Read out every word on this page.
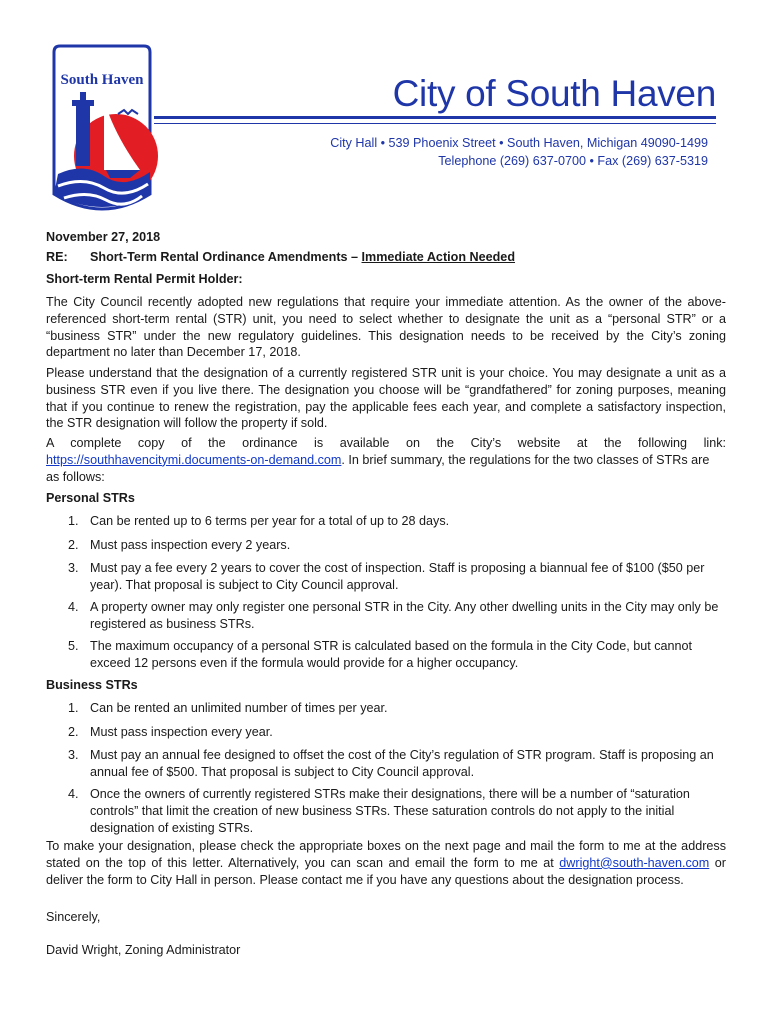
South Haven	City of South Haven
City Hall • 539 Phoenix Street • South Haven, Michigan 49090-1499
Telephone (269) 637-0700 • Fax (269) 637-5319
November 27, 2018
RE: Short-Term Rental Ordinance Amendments – Immediate Action Needed
Short-term Rental Permit Holder:
The City Council recently adopted new regulations that require your immediate attention. As the owner of the above-referenced short-term rental (STR) unit, you need to select whether to designate the unit as a “personal STR” or a “business STR” under the new regulatory guidelines. This designation needs to be received by the City’s zoning department no later than December 17, 2018.
Please understand that the designation of a currently registered STR unit is your choice. You may designate a unit as a business STR even if you live there. The designation you choose will be “grandfathered” for zoning purposes, meaning that if you continue to renew the registration, pay the applicable fees each year, and complete a satisfactory inspection, the STR designation will follow the property if sold.
A complete copy of the ordinance is available on the City’s website at the following link:
https://southhavencitymi.documents-on-demand.com. In brief summary, the regulations for the two classes of STRs are as follows:
Personal STRs
1. Can be rented up to 6 terms per year for a total of up to 28 days.
2. Must pass inspection every 2 years.
3. Must pay a fee every 2 years to cover the cost of inspection. Staff is proposing a biannual fee of $100 ($50 per year). That proposal is subject to City Council approval.
4. A property owner may only register one personal STR in the City. Any other dwelling units in the City may only be registered as business STRs.
5. The maximum occupancy of a personal STR is calculated based on the formula in the City Code, but cannot exceed 12 persons even if the formula would provide for a higher occupancy.
Business STRs
1. Can be rented an unlimited number of times per year.
2. Must pass inspection every year.
3. Must pay an annual fee designed to offset the cost of the City’s regulation of STR program. Staff is proposing an annual fee of $500. That proposal is subject to City Council approval.
4. Once the owners of currently registered STRs make their designations, there will be a number of “saturation controls” that limit the creation of new business STRs. These saturation controls do not apply to the initial designation of existing STRs.
To make your designation, please check the appropriate boxes on the next page and mail the form to me at the address stated on the top of this letter. Alternatively, you can scan and email the form to me at dwright@south-haven.com or deliver the form to City Hall in person. Please contact me if you have any questions about the designation process.
Sincerely,
David Wright, Zoning Administrator
